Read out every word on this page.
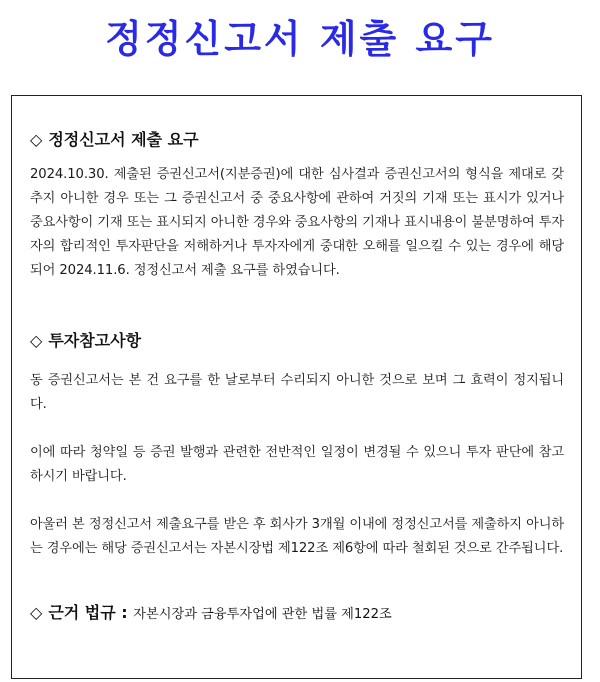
정정신고서 제출 요구
◇ 정정신고서 제출 요구

2024.10.30. 제출된 증권신고서(지분증권)에 대한 심사결과 증권신고서의 형식을 제대로 갖추지 아니한 경우 또는 그 증권신고서 중 중요사항에 관하여 거짓의 기재 또는 표시가 있거나 중요사항이 기재 또는 표시되지 아니한 경우와 중요사항의 기재나 표시내용이 불분명하여 투자자의 합리적인 투자판단을 저해하거나 투자자에게 중대한 오해를 일으킬 수 있는 경우에 해당되어 2024.11.6. 정정신고서 제출 요구를 하였습니다.

◇ 투자참고사항

동 증권신고서는 본 건 요구를 한 날로부터 수리되지 아니한 것으로 보며 그 효력이 정지됩니다.

이에 따라 청약일 등 증권 발행과 관련한 전반적인 일정이 변경될 수 있으니 투자 판단에 참고하시기 바랍니다.

아울러 본 정정신고서 제출요구를 받은 후 회사가 3개월 이내에 정정신고서를 제출하지 아니하는 경우에는 해당 증권신고서는 자본시장법 제122조 제6항에 따라 철회된 것으로 간주됩니다.

◇ 근거 법규 : 자본시장과 금융투자업에 관한 법률 제122조
